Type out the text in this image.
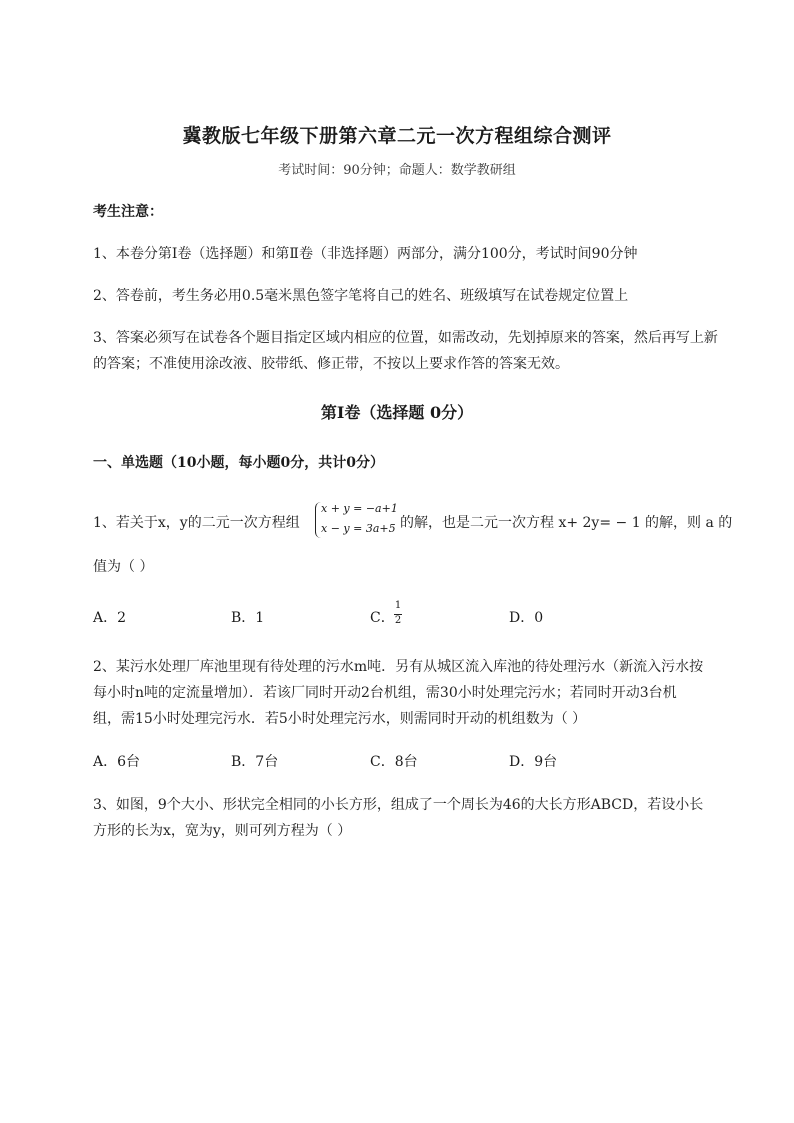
冀教版七年级下册第六章二元一次方程组综合测评
考试时间：90分钟；命题人：数学教研组
考生注意：
1、本卷分第I卷（选择题）和第Ⅱ卷（非选择题）两部分，满分100分，考试时间90分钟
2、答卷前，考生务必用0.5毫米黑色签字笔将自己的姓名、班级填写在试卷规定位置上
3、答案必须写在试卷各个题目指定区域内相应的位置，如需改动，先划掉原来的答案，然后再写上新
的答案；不准使用涂改液、胶带纸、修正带，不按以上要求作答的答案无效。
第I卷（选择题 0分）
一、单选题（10小题，每小题0分，共计0分）
1、若关于x，y的二元一次方程组
x + y = −a+1
x − y = 3a+5 的解，也是二元一次方程 x+ 2y= − 1 的解，则 a 的
值为（ ）
A．2	B．1	C．
1
2	D．0
2、某污水处理厂库池里现有待处理的污水m吨．另有从城区流入库池的待处理污水（新流入污水按
每小时n吨的定流量增加）．若该厂同时开动2台机组，需30小时处理完污水；若同时开动3台机
组，需15小时处理完污水．若5小时处理完污水，则需同时开动的机组数为（ ）
A．6台	B．7台	C．8台	D．9台
3、如图，9个大小、形状完全相同的小长方形，组成了一个周长为46的大长方形ABCD，若设小长
方形的长为x，宽为y，则可列方程为（ ）
